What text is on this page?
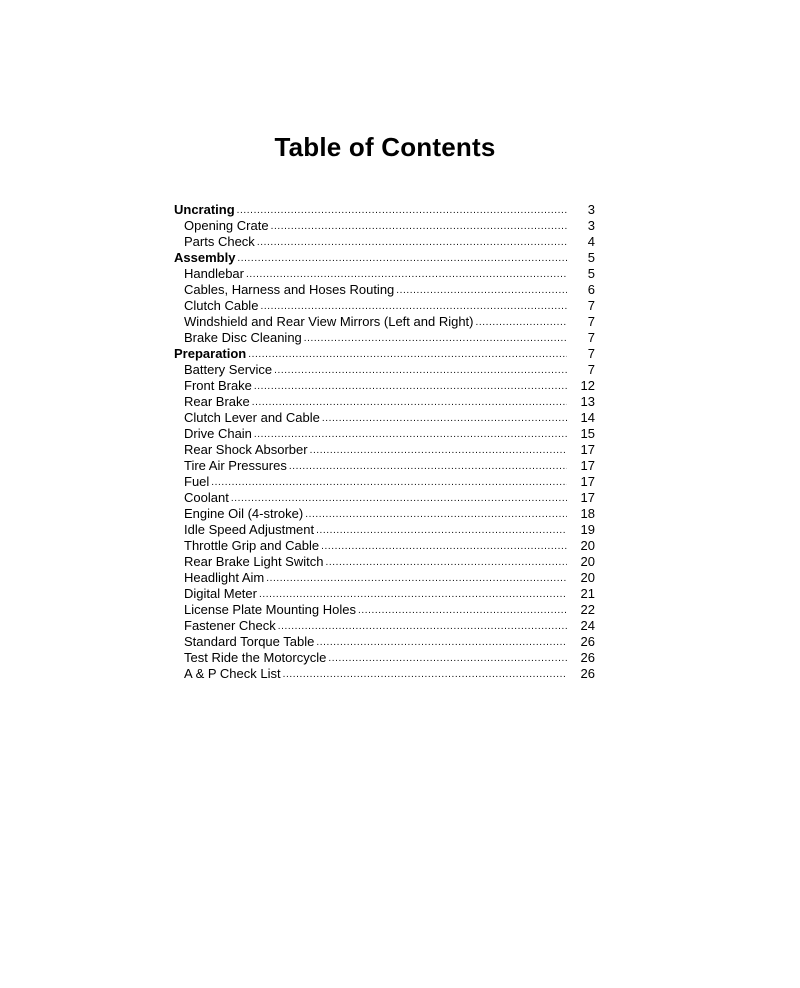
Table of Contents
Uncrating .....	3
Opening Crate .....	3
Parts Check .....	4
Assembly .....	5
Handlebar .....	5
Cables, Harness and Hoses Routing .....	6
Clutch Cable .....	7
Windshield and Rear View Mirrors (Left and Right) .....	7
Brake Disc Cleaning .....	7
Preparation .....	7
Battery Service .....	7
Front Brake .....	12
Rear Brake .....	13
Clutch Lever and Cable .....	14
Drive Chain .....	15
Rear Shock Absorber .....	17
Tire Air Pressures .....	17
Fuel .....	17
Coolant .....	17
Engine Oil (4-stroke) .....	18
Idle Speed Adjustment .....	19
Throttle Grip and Cable .....	20
Rear Brake Light Switch .....	20
Headlight Aim .....	20
Digital Meter .....	21
License Plate Mounting Holes .....	22
Fastener Check .....	24
Standard Torque Table .....	26
Test Ride the Motorcycle .....	26
A & P Check List .....	26
